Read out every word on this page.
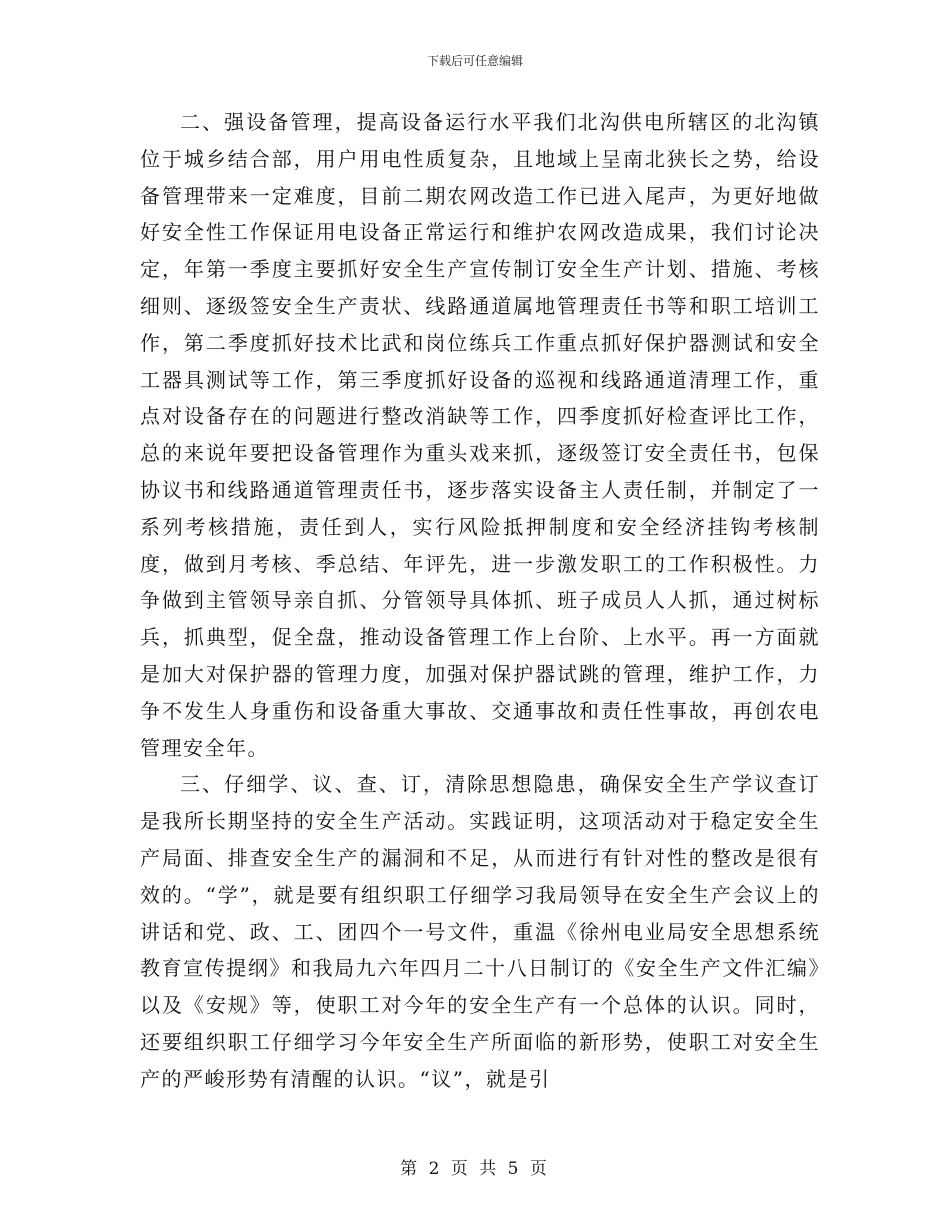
下载后可任意编辑

二、强设备管理，提高设备运行水平我们北沟供电所辖区的北沟镇位于城乡结合部，用户用电性质复杂，且地域上呈南北狭长之势，给设备管理带来一定难度，目前二期农网改造工作已进入尾声，为更好地做好安全性工作保证用电设备正常运行和维护农网改造成果，我们讨论决定，年第一季度主要抓好安全生产宣传制订安全生产计划、措施、考核细则、逐级签安全生产责状、线路通道属地管理责任书等和职工培训工作，第二季度抓好技术比武和岗位练兵工作重点抓好保护器测试和安全工器具测试等工作，第三季度抓好设备的巡视和线路通道清理工作，重点对设备存在的问题进行整改消缺等工作，四季度抓好检查评比工作，总的来说年要把设备管理作为重头戏来抓，逐级签订安全责任书，包保协议书和线路通道管理责任书，逐步落实设备主人责任制，并制定了一系列考核措施，责任到人，实行风险抵押制度和安全经济挂钩考核制度，做到月考核、季总结、年评先，进一步激发职工的工作积极性。力争做到主管领导亲自抓、分管领导具体抓、班子成员人人抓，通过树标兵，抓典型，促全盘，推动设备管理工作上台阶、上水平。再一方面就是加大对保护器的管理力度，加强对保护器试跳的管理，维护工作，力争不发生人身重伤和设备重大事故、交通事故和责任性事故，再创农电管理安全年。

三、仔细学、议、查、订，清除思想隐患，确保安全生产学议查订是我所长期坚持的安全生产活动。实践证明，这项活动对于稳定安全生产局面、排查安全生产的漏洞和不足，从而进行有针对性的整改是很有效的。“学”，就是要有组织职工仔细学习我局领导在安全生产会议上的讲话和党、政、工、团四个一号文件，重温《徐州电业局安全思想系统教育宣传提纲》和我局九六年四月二十八日制订的《安全生产文件汇编》以及《安规》等，使职工对今年的安全生产有一个总体的认识。同时，还要组织职工仔细学习今年安全生产所面临的新形势，使职工对安全生产的严峻形势有清醒的认识。“议”，就是引

第 2 页 共 5 页
